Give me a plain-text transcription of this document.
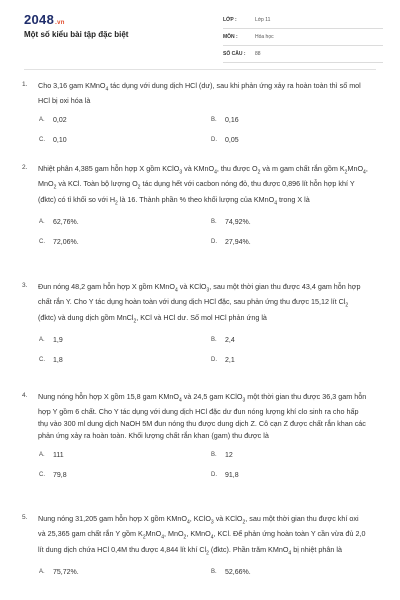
2048.vn
Một số kiểu bài tập đặc biệt
LỚP :	Lớp 11
MÔN :	Hóa học
SỐ CÂU :	88
1.	Cho 3,16 gam KMnO$_4$ tác dụng với dung dịch HCl (dư), sau khi phản ứng xảy ra hoàn toàn thì số mol HCl bị oxi hóa là
A.	0,02	B.	0,16
C.	0,10	D.	0,05
2.	Nhiệt phân 4,385 gam hỗn hợp X gồm KClO$_3$ và KMnO$_4$, thu được $O_2$ và m gam chất rắn gồm $K_2MnO_4$, MnO$_2$ và KCl. Toàn bộ lượng $O_2$ tác dụng hết với cacbon nóng đỏ, thu được 0,896 lít hỗn hợp khí Y (đktc) có tỉ khối so với $H_2$ là 16. Thành phần % theo khối lượng của KMnO$_4$ trong X là
A.	62,76%.	B.	74,92%.
C.	72,06%.	D.	27,94%.
3.	Đun nóng 48,2 gam hỗn hợp X gồm KMnO$_4$ và KClO$_3$, sau một thời gian thu được 43,4 gam hỗn hợp chất rắn Y. Cho Y tác dụng hoàn toàn với dung dịch HCl đặc, sau phản ứng thu được 15,12 lít $Cl_2$ (đktc) và dung dịch gồm MnCl$_2$, KCl và HCl dư. Số mol HCl phản ứng là
A.	1,9	B.	2,4
C.	1,8	D.	2,1
4.	Nung nóng hỗn hợp X gồm 15,8 gam KMnO$_4$ và 24,5 gam KClO$_3$ một thời gian thu được 36,3 gam hỗn hợp Y gồm 6 chất. Cho Y tác dụng với dung dịch HCl đặc dư đun nóng lượng khí clo sinh ra cho hấp thụ vào 300 ml dung dịch NaOH 5M đun nóng thu được dung dịch Z. Cô cạn Z được chất rắn khan các phản ứng xảy ra hoàn toàn. Khối lượng chất rắn khan (gam) thu được là
A.	111	B.	12
C.	79,8	D.	91,8
5.	Nung nóng 31,205 gam hỗn hợp X gồm KMnO$_4$, KClO$_3$ và KClO$_2$, sau một thời gian thu được khí oxi và 25,365 gam chất rắn Y gồm $K_2MnO_4$, MnO$_2$, KMnO$_4$, KCl. Để phản ứng hoàn toàn Y cần vừa đủ 2,0 lít dung dịch chứa HCl 0,4M thu được 4,844 lít khí $Cl_2$ (đktc). Phần trăm KMnO$_4$ bị nhiệt phân là
A.	75,72%.	B.	52,66%.
